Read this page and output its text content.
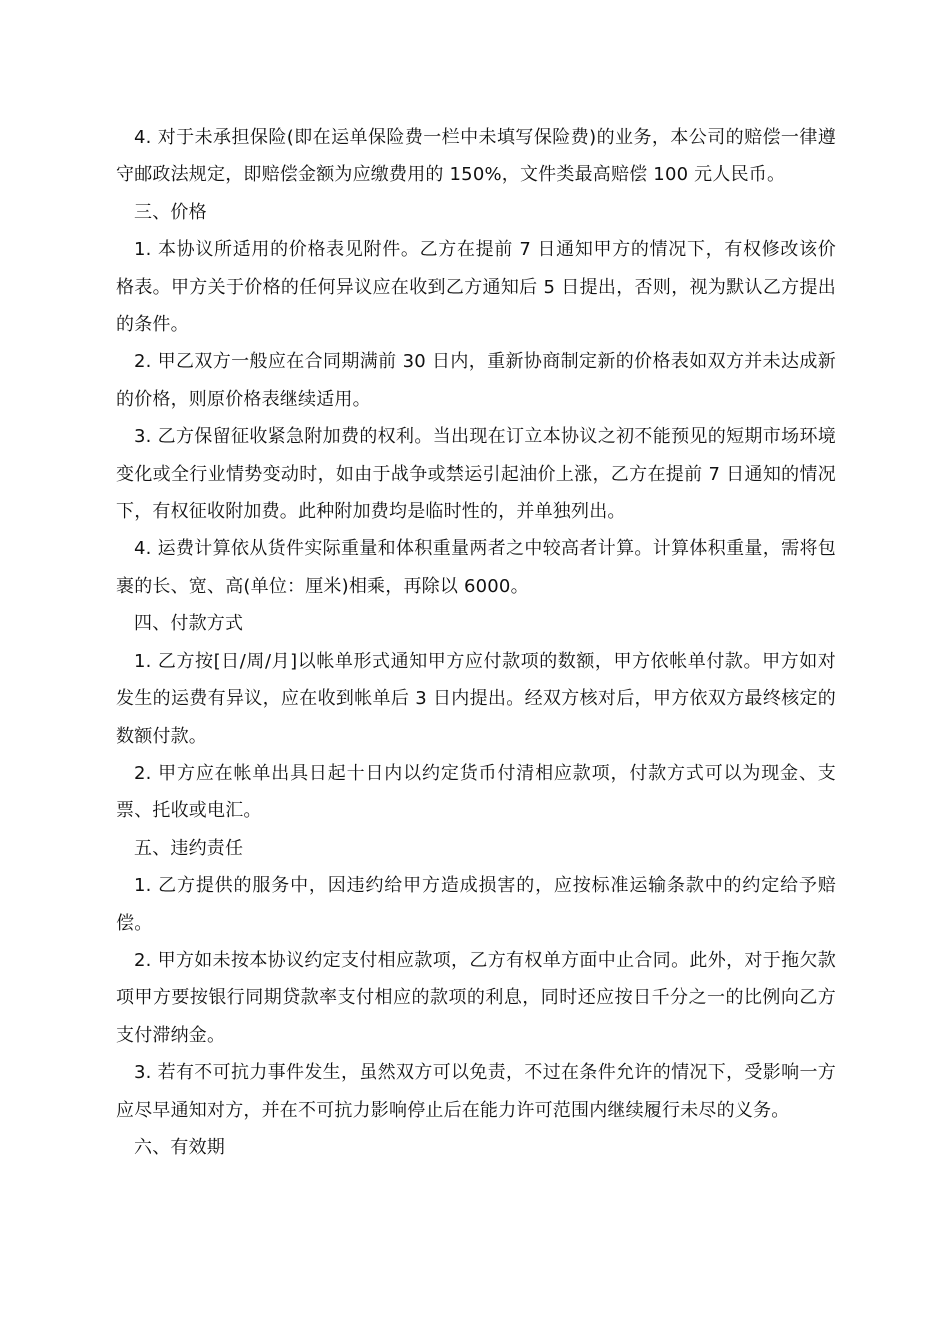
4. 对于未承担保险(即在运单保险费一栏中未填写保险费)的业务，本公司的赔偿一律遵守邮政法规定，即赔偿金额为应缴费用的 150%，文件类最高赔偿 100 元人民币。

三、价格

1. 本协议所适用的价格表见附件。乙方在提前 7 日通知甲方的情况下，有权修改该价格表。甲方关于价格的任何异议应在收到乙方通知后 5 日提出，否则，视为默认乙方提出的条件。

2. 甲乙双方一般应在合同期满前 30 日内，重新协商制定新的价格表如双方并未达成新的价格，则原价格表继续适用。

3. 乙方保留征收紧急附加费的权利。当出现在订立本协议之初不能预见的短期市场环境变化或全行业情势变动时，如由于战争或禁运引起油价上涨，乙方在提前 7 日通知的情况下，有权征收附加费。此种附加费均是临时性的，并单独列出。

4. 运费计算依从货件实际重量和体积重量两者之中较高者计算。计算体积重量，需将包裹的长、宽、高(单位：厘米)相乘，再除以 6000。

四、付款方式

1. 乙方按[日/周/月]以帐单形式通知甲方应付款项的数额，甲方依帐单付款。甲方如对发生的运费有异议，应在收到帐单后 3 日内提出。经双方核对后，甲方依双方最终核定的数额付款。

2. 甲方应在帐单出具日起十日内以约定货币付清相应款项，付款方式可以为现金、支票、托收或电汇。

五、违约责任

1. 乙方提供的服务中，因违约给甲方造成损害的，应按标准运输条款中的约定给予赔偿。

2. 甲方如未按本协议约定支付相应款项，乙方有权单方面中止合同。此外，对于拖欠款项甲方要按银行同期贷款率支付相应的款项的利息，同时还应按日千分之一的比例向乙方支付滞纳金。

3. 若有不可抗力事件发生，虽然双方可以免责，不过在条件允许的情况下，受影响一方应尽早通知对方，并在不可抗力影响停止后在能力许可范围内继续履行未尽的义务。

六、有效期
